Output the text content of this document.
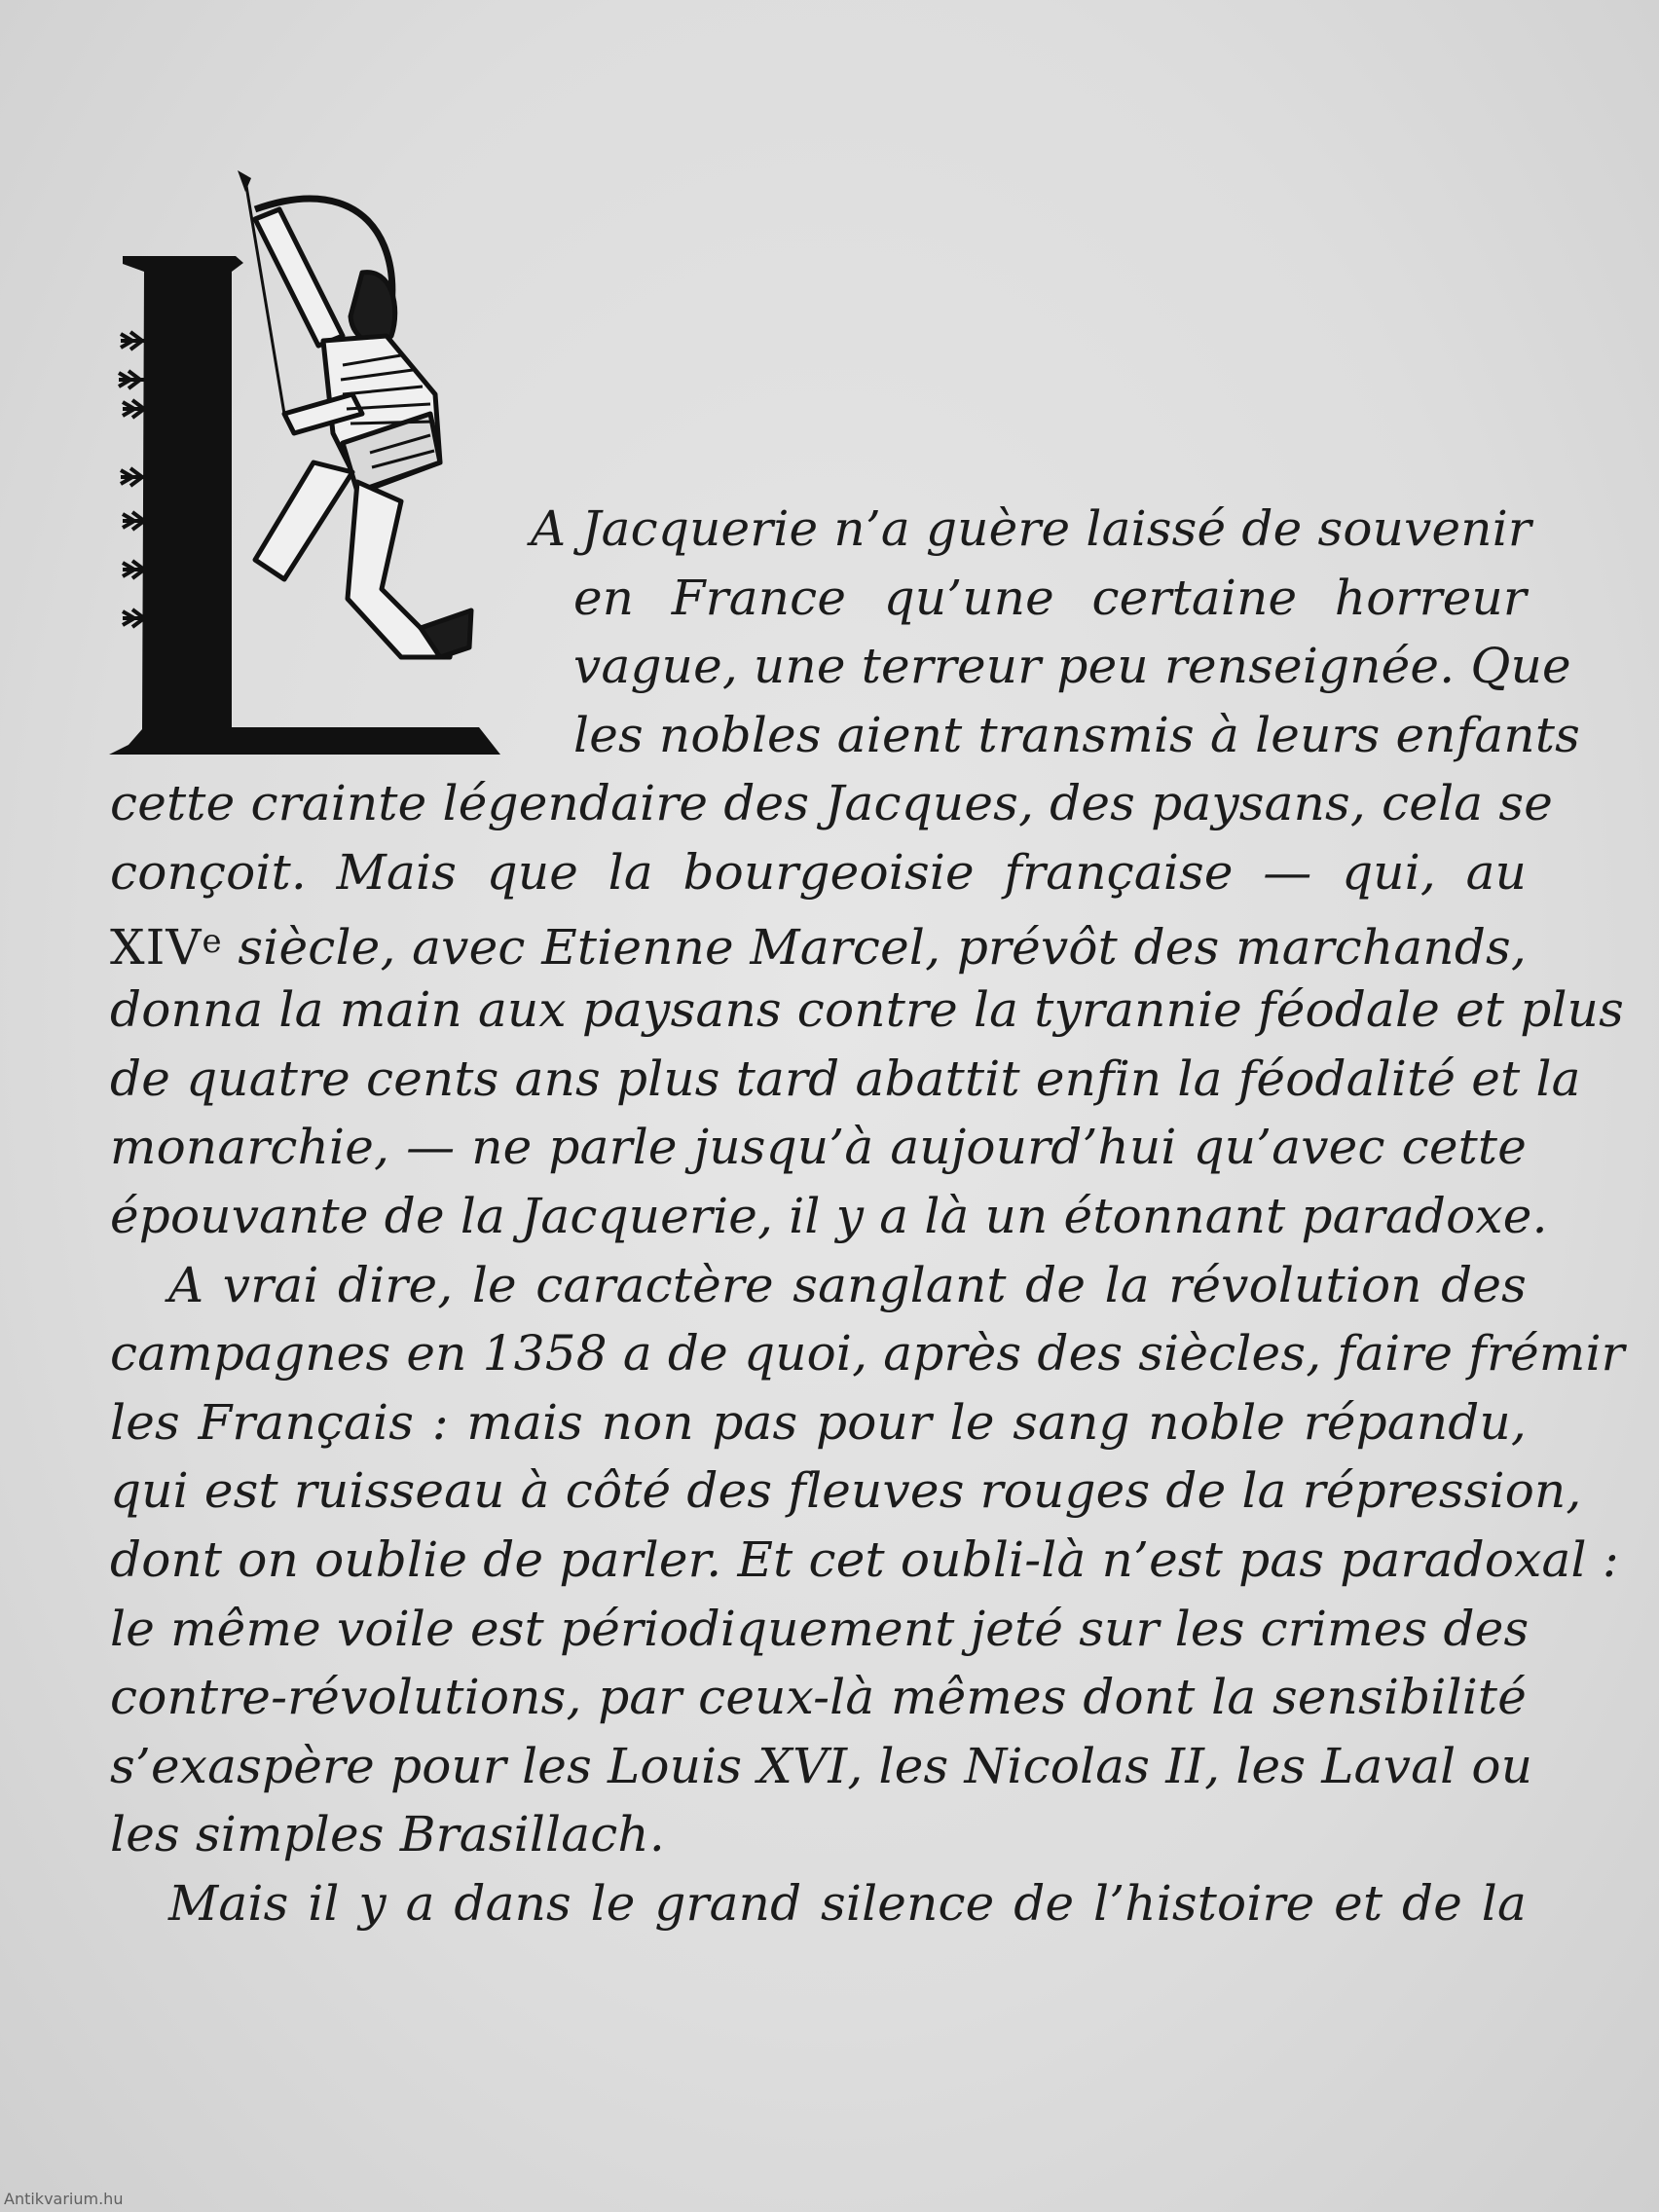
A Jacquerie n’a guère laissé de souvenir
en France qu’une certaine horreur
vague, une terreur peu renseignée. Que
les nobles aient transmis à leurs enfants
cette crainte légendaire des Jacques, des paysans, cela se
conçoit. Mais que la bourgeoisie française — qui, au
XIVe siècle, avec Etienne Marcel, prévôt des marchands,
donna la main aux paysans contre la tyrannie féodale et plus
de quatre cents ans plus tard abattit enfin la féodalité et la
monarchie, — ne parle jusqu’à aujourd’hui qu’avec cette
épouvante de la Jacquerie, il y a là un étonnant paradoxe.
A vrai dire, le caractère sanglant de la révolution des
campagnes en 1358 a de quoi, après des siècles, faire frémir
les Français : mais non pas pour le sang noble répandu,
qui est ruisseau à côté des fleuves rouges de la répression,
dont on oublie de parler. Et cet oubli-là n’est pas paradoxal :
le même voile est périodiquement jeté sur les crimes des
contre-révolutions, par ceux-là mêmes dont la sensibilité
s’exaspère pour les Louis XVI, les Nicolas II, les Laval ou
les simples Brasillach.
Mais il y a dans le grand silence de l’histoire et de la
Antikvarium.hu
